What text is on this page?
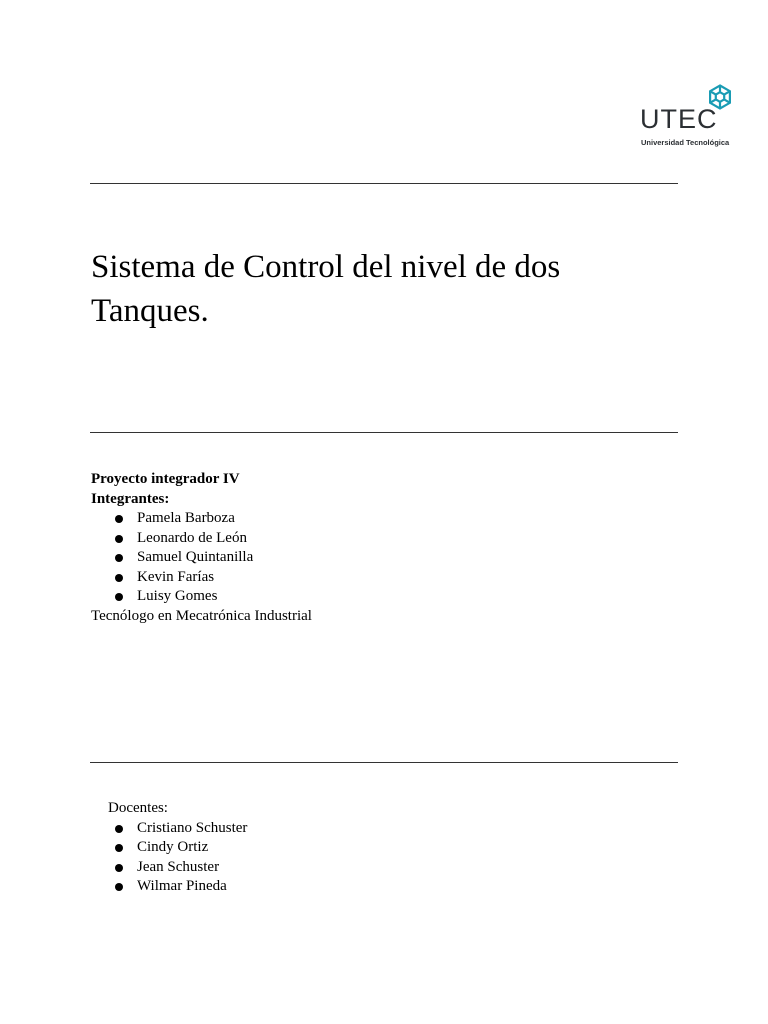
UTEC
Universidad Tecnológica
Sistema de Control del nivel de dos Tanques.
Proyecto integrador IV
Integrantes:
Pamela Barboza
Leonardo de León
Samuel Quintanilla
Kevin Farías
Luisy Gomes
Tecnólogo en Mecatrónica Industrial
Docentes:
Cristiano Schuster
Cindy Ortiz
Jean Schuster
Wilmar Pineda
